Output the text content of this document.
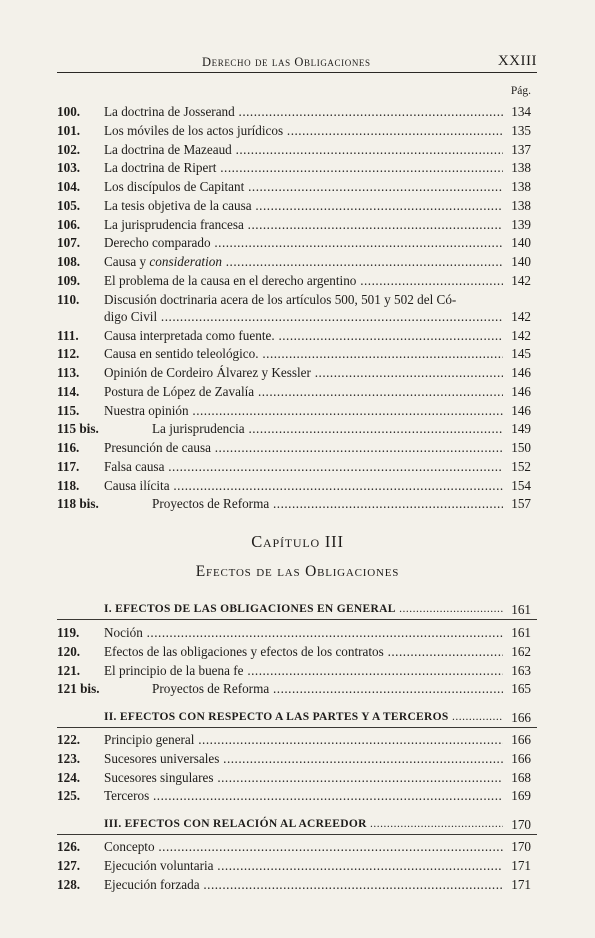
Derecho de las Obligaciones	XXIII
Pág.
100.	La doctrina de Josserand .....	134
101.	Los móviles de los actos jurídicos .....	135
102.	La doctrina de Mazeaud .....	137
103.	La doctrina de Ripert .....	138
104.	Los discípulos de Capitant .....	138
105.	La tesis objetiva de la causa .....	138
106.	La jurisprudencia francesa .....	139
107.	Derecho comparado .....	140
108.	Causa y consideration .....	140
109.	El problema de la causa en el derecho argentino .....	142
110.	Discusión doctrinaria acera de los artículos 500, 501 y 502 del Có-
digo Civil .....	142
111.	Causa interpretada como fuente. .....	142
112.	Causa en sentido teleológico. .....	145
113.	Opinión de Cordeiro Álvarez y Kessler .....	146
114.	Postura de López de Zavalía .....	146
115.	Nuestra opinión .....	146
115 bis.	La jurisprudencia .....	149
116.	Presunción de causa .....	150
117.	Falsa causa .....	152
118.	Causa ilícita .....	154
118 bis.	Proyectos de Reforma .....	157
Capítulo III
Efectos de las Obligaciones
I. EFECTOS DE LAS OBLIGACIONES EN GENERAL .....	161
119.	Noción .....	161
120.	Efectos de las obligaciones y efectos de los contratos .....	162
121.	El principio de la buena fe .....	163
121 bis.	Proyectos de Reforma .....	165
II. EFECTOS CON RESPECTO A LAS PARTES Y A TERCEROS .....	166
122.	Principio general .....	166
123.	Sucesores universales .....	166
124.	Sucesores singulares .....	168
125.	Terceros .....	169
III. EFECTOS CON RELACIÓN AL ACREEDOR .....	170
126.	Concepto .....	170
127.	Ejecución voluntaria .....	171
128.	Ejecución forzada .....	171
